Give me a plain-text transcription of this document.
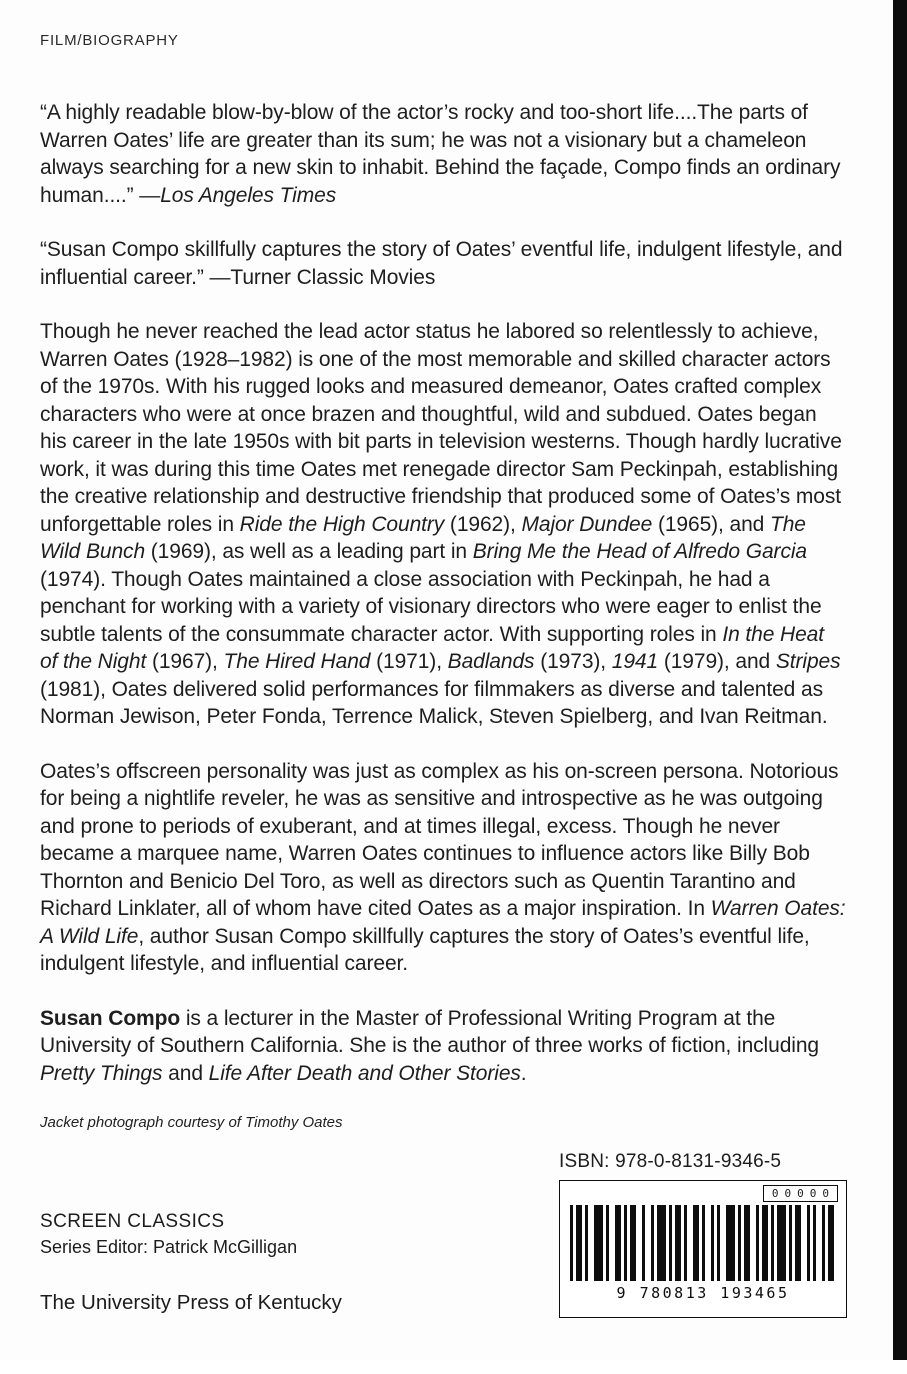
FILM/BIOGRAPHY

“A highly readable blow-by-blow of the actor’s rocky and too-short life....The parts of Warren Oates’ life are greater than its sum; he was not a visionary but a chameleon always searching for a new skin to inhabit. Behind the façade, Compo finds an ordinary human....” —Los Angeles Times

“Susan Compo skillfully captures the story of Oates’ eventful life, indulgent lifestyle, and influential career.” —Turner Classic Movies

Though he never reached the lead actor status he labored so relentlessly to achieve, Warren Oates (1928–1982) is one of the most memorable and skilled character actors of the 1970s. With his rugged looks and measured demeanor, Oates crafted complex characters who were at once brazen and thoughtful, wild and subdued. Oates began his career in the late 1950s with bit parts in television westerns. Though hardly lucrative work, it was during this time Oates met renegade director Sam Peckinpah, establishing the creative relationship and destructive friendship that produced some of Oates’s most unforgettable roles in Ride the High Country (1962), Major Dundee (1965), and The Wild Bunch (1969), as well as a leading part in Bring Me the Head of Alfredo Garcia (1974). Though Oates maintained a close association with Peckinpah, he had a penchant for working with a variety of visionary directors who were eager to enlist the subtle talents of the consummate character actor. With supporting roles in In the Heat of the Night (1967), The Hired Hand (1971), Badlands (1973), 1941 (1979), and Stripes (1981), Oates delivered solid performances for filmmakers as diverse and talented as Norman Jewison, Peter Fonda, Terrence Malick, Steven Spielberg, and Ivan Reitman.

Oates’s offscreen personality was just as complex as his on-screen persona. Notorious for being a nightlife reveler, he was as sensitive and introspective as he was outgoing and prone to periods of exuberant, and at times illegal, excess. Though he never became a marquee name, Warren Oates continues to influence actors like Billy Bob Thornton and Benicio Del Toro, as well as directors such as Quentin Tarantino and Richard Linklater, all of whom have cited Oates as a major inspiration. In Warren Oates: A Wild Life, author Susan Compo skillfully captures the story of Oates’s eventful life, indulgent lifestyle, and influential career.

Susan Compo is a lecturer in the Master of Professional Writing Program at the University of Southern California. She is the author of three works of fiction, including Pretty Things and Life After Death and Other Stories.

Jacket photograph courtesy of Timothy Oates

SCREEN CLASSICS
Series Editor: Patrick McGilligan
The University Press of Kentucky
ISBN: 978-0-8131-9346-5
00000
9 780813 193465
